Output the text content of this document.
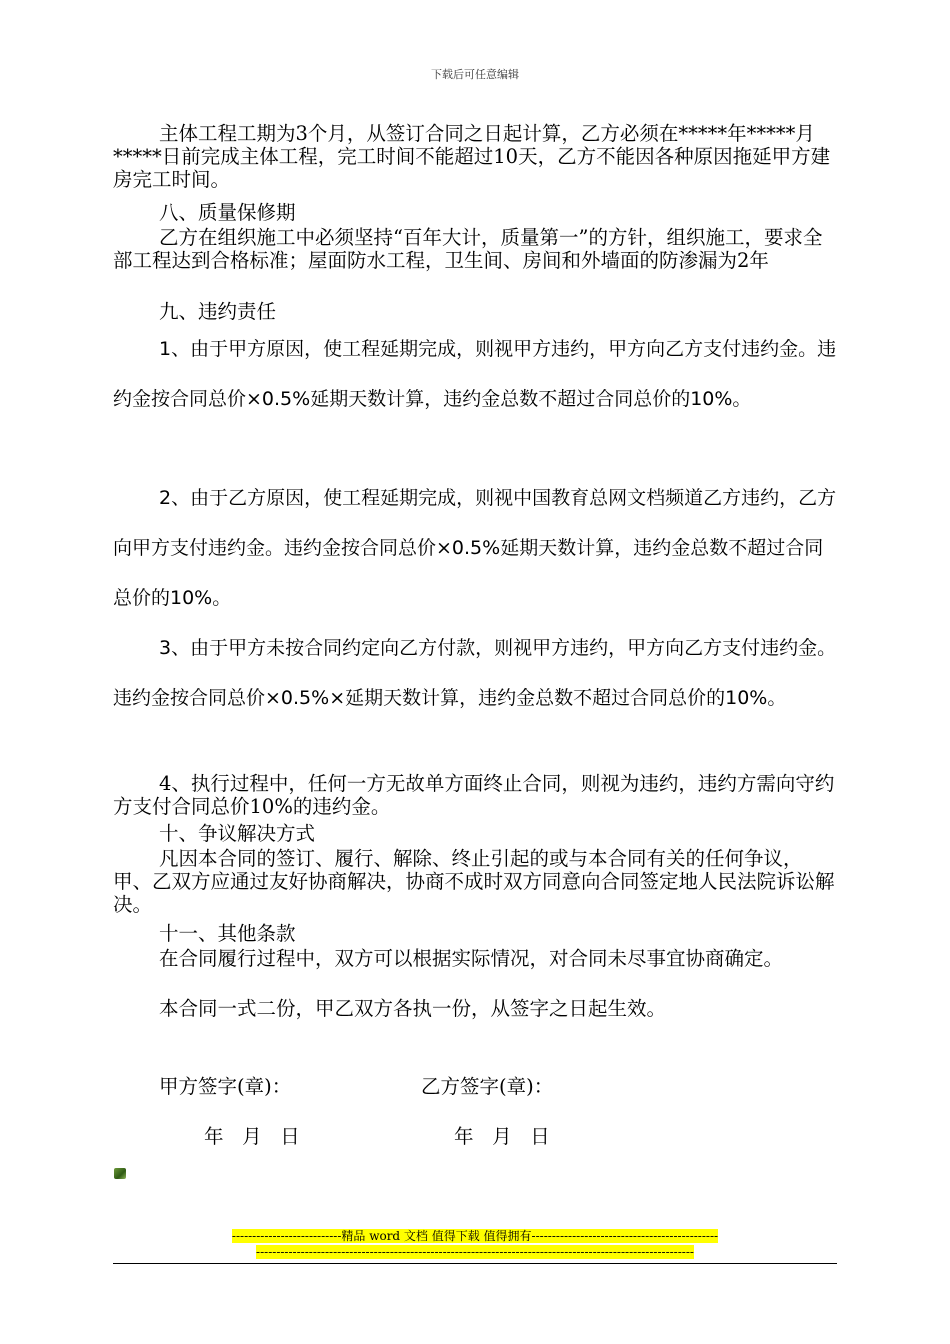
下载后可任意编辑

主体工程工期为3个月，从签订合同之日起计算，乙方必须在*****年*****月*****日前完成主体工程，完工时间不能超过10天，乙方不能因各种原因拖延甲方建房完工时间。

八、质量保修期

乙方在组织施工中必须坚持“百年大计，质量第一”的方针，组织施工，要求全部工程达到合格标准；屋面防水工程，卫生间、房间和外墙面的防渗漏为2年

九、违约责任

1、由于甲方原因，使工程延期完成，则视甲方违约，甲方向乙方支付违约金。违约金按合同总价×0.5%延期天数计算，违约金总数不超过合同总价的10%。

2、由于乙方原因，使工程延期完成，则视中国教育总网文档频道乙方违约，乙方向甲方支付违约金。违约金按合同总价×0.5%延期天数计算，违约金总数不超过合同总价的10%。

3、由于甲方未按合同约定向乙方付款，则视甲方违约，甲方向乙方支付违约金。违约金按合同总价×0.5%×延期天数计算，违约金总数不超过合同总价的10%。

4、执行过程中，任何一方无故单方面终止合同，则视为违约，违约方需向守约方支付合同总价10%的违约金。

十、争议解决方式

凡因本合同的签订、履行、解除、终止引起的或与本合同有关的任何争议，甲、乙双方应通过友好协商解决，协商不成时双方同意向合同签定地人民法院诉讼解决。

十一、其他条款

在合同履行过程中，双方可以根据实际情况，对合同未尽事宜协商确定。

本合同一式二份，甲乙双方各执一份，从签字之日起生效。

甲方签字(章)：	乙方签字(章)：
年   月   日	年   月   日
---------------------------精品 word 文档 值得下载 值得拥有----------------------------------------------
------------------------------------------------------------------------------------------------------------
